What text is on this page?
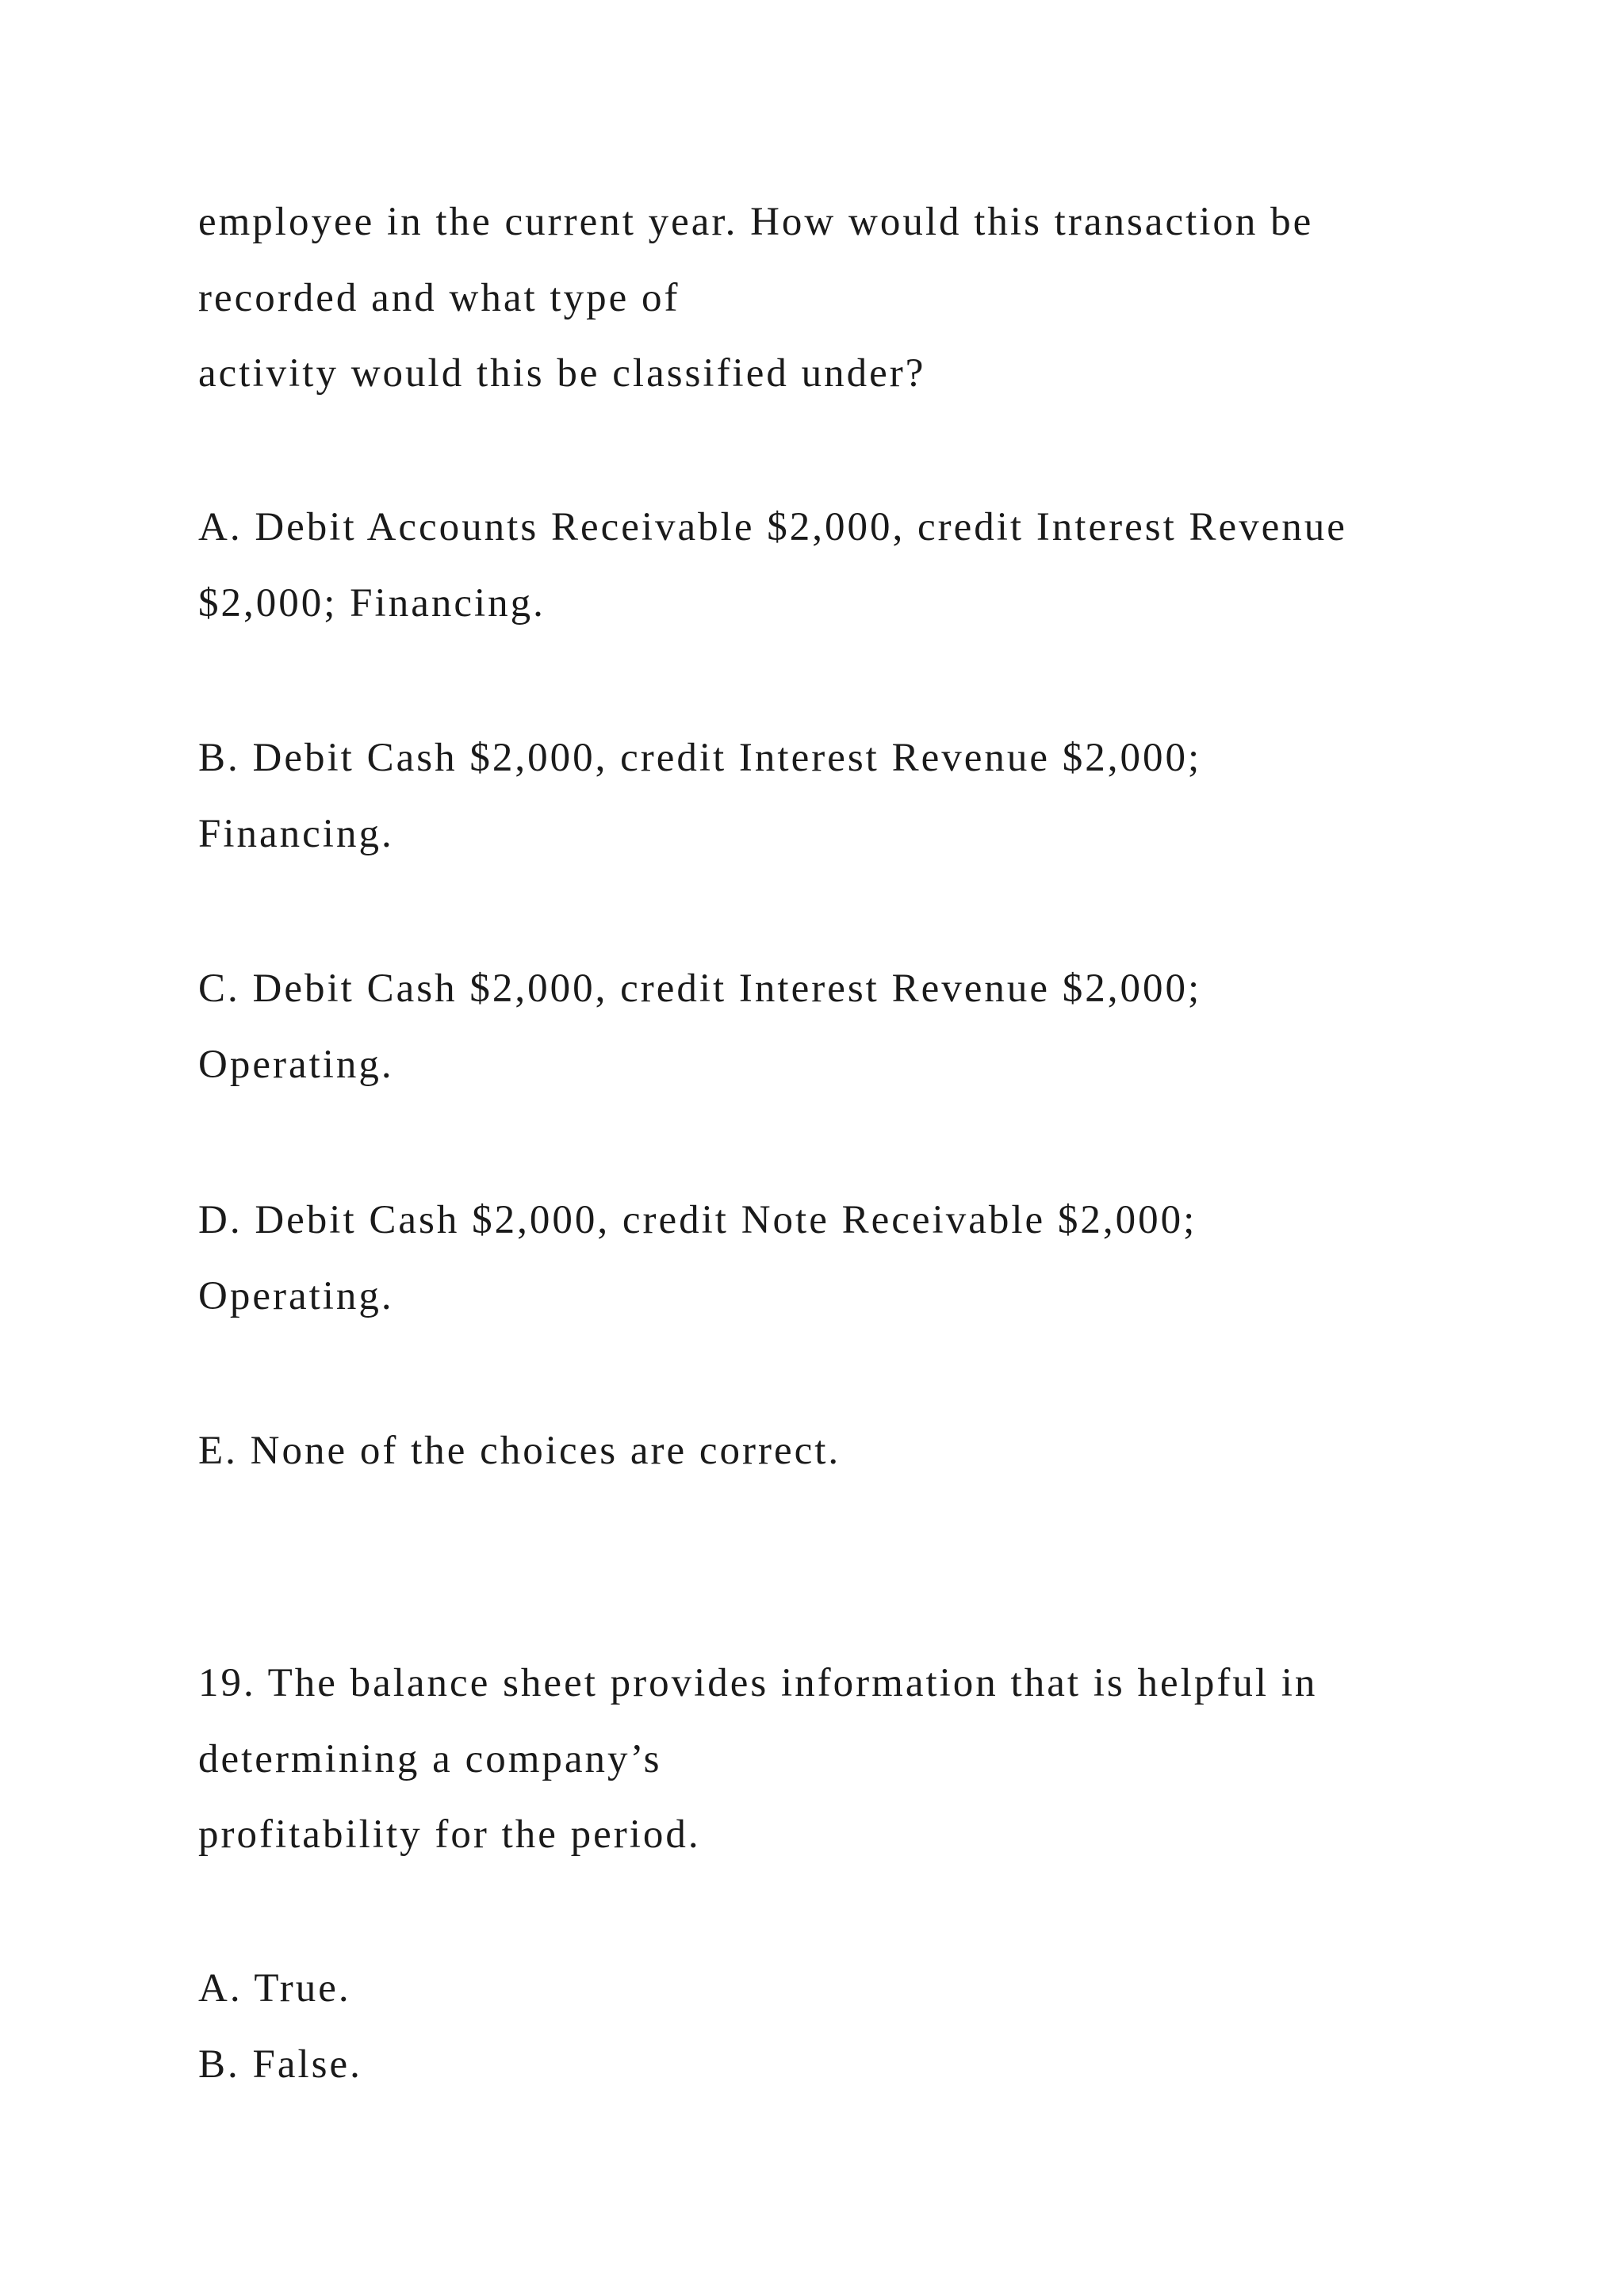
employee in the current year. How would this transaction be

recorded and what type of

activity would this be classified under?

A. Debit Accounts Receivable $2,000, credit Interest Revenue

$2,000; Financing.

B. Debit Cash $2,000, credit Interest Revenue $2,000;

Financing.

C. Debit Cash $2,000, credit Interest Revenue $2,000;

Operating.

D. Debit Cash $2,000, credit Note Receivable $2,000;

Operating.

E. None of the choices are correct.

19. The balance sheet provides information that is helpful in

determining a company’s

profitability for the period.

A. True.

B. False.
